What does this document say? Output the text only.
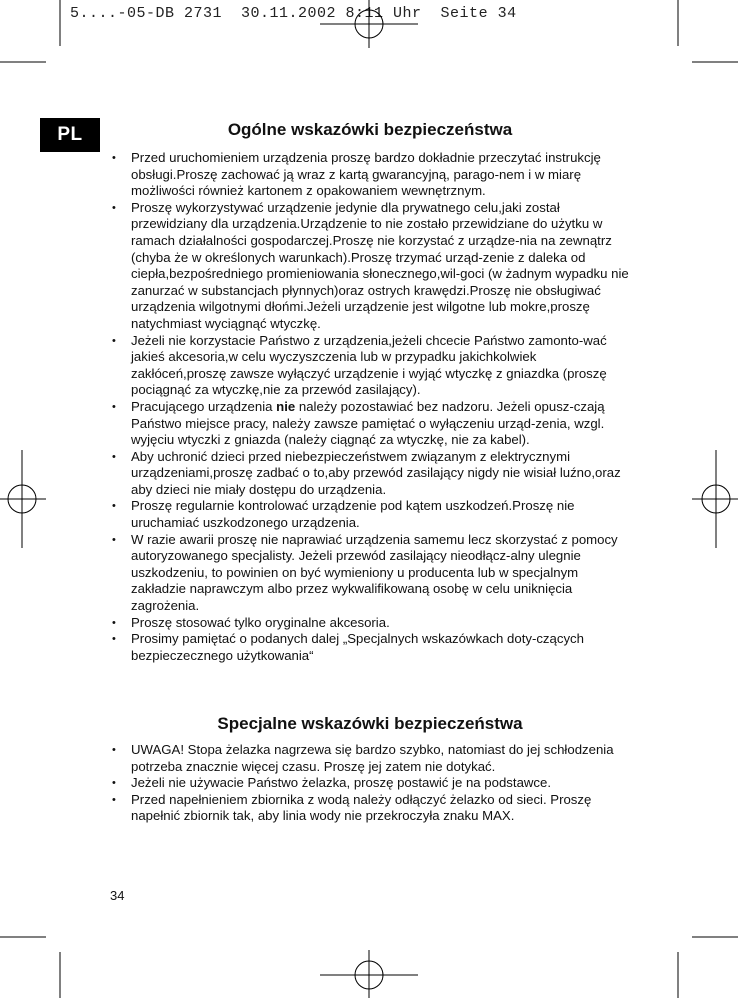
5....-05-DB 2731  30.11.2002 8:11 Uhr  Seite 34
PL	Ogólne wskazówki bezpieczeństwa
• Przed uruchomieniem urządzenia proszę bardzo dokładnie przeczytać instrukcję obsługi.Proszę zachować ją wraz z kartą gwarancyjną, parago-nem i w miarę możliwości również kartonem z opakowaniem wewnętrznym.
• Proszę wykorzystywać urządzenie jedynie dla prywatnego celu,jaki został przewidziany dla urządzenia.Urządzenie to nie zostało przewidziane do użytku w ramach działalności gospodarczej.Proszę nie korzystać z urządze-nia na zewnątrz (chyba że w określonych warunkach).Proszę trzymać urząd-zenie z daleka od ciepła,bezpośredniego promieniowania słonecznego,wil-goci (w żadnym wypadku nie zanurzać w substancjach płynnych)oraz ostrych krawędzi.Proszę nie obsługiwać urządzenia wilgotnymi dłońmi.Jeżeli urządzenie jest wilgotne lub mokre,proszę natychmiast wyciągnąć wtyczkę.
• Jeżeli nie korzystacie Państwo z urządzenia,jeżeli chcecie Państwo zamonto-wać jakieś akcesoria,w celu wyczyszczenia lub w przypadku jakichkolwiek zakłóceń,proszę zawsze wyłączyć urządzenie i wyjąć wtyczkę z gniazdka (proszę pociągnąć za wtyczkę,nie za przewód zasilający).
• Pracującego urządzenia nie należy pozostawiać bez nadzoru. Jeżeli opusz-czają Państwo miejsce pracy, należy zawsze pamiętać o wyłączeniu urząd-zenia, wzgl. wyjęciu wtyczki z gniazda (należy ciągnąć za wtyczkę, nie za kabel).
• Aby uchronić dzieci przed niebezpieczeństwem związanym z elektrycznymi urządzeniami,proszę zadbać o to,aby przewód zasilający nigdy nie wisiał luźno,oraz aby dzieci nie miały dostępu do urządzenia.
• Proszę regularnie kontrolować urządzenie pod kątem uszkodzeń.Proszę nie uruchamiać uszkodzonego urządzenia.
• W razie awarii proszę nie naprawiać urządzenia samemu lecz skorzystać z pomocy autoryzowanego specjalisty. Jeżeli przewód zasilający nieodłącz-alny ulegnie uszkodzeniu, to powinien on być wymieniony u producenta lub w specjalnym zakładzie naprawczym albo przez wykwalifikowaną osobę w celu uniknięcia zagrożenia.
• Proszę stosować tylko oryginalne akcesoria.
• Prosimy pamiętać o podanych dalej „Specjalnych wskazówkach doty-czących bezpieczecznego użytkowania“
Specjalne wskazówki bezpieczeństwa
• UWAGA! Stopa żelazka nagrzewa się bardzo szybko, natomiast do jej schłodzenia potrzeba znacznie więcej czasu. Proszę jej zatem nie dotykać.
• Jeżeli nie używacie Państwo żelazka, proszę postawić je na podstawce.
• Przed napełnieniem zbiornika z wodą należy odłączyć żelazko od sieci. Proszę napełnić zbiornik tak, aby linia wody nie przekroczyła znaku MAX.
34
